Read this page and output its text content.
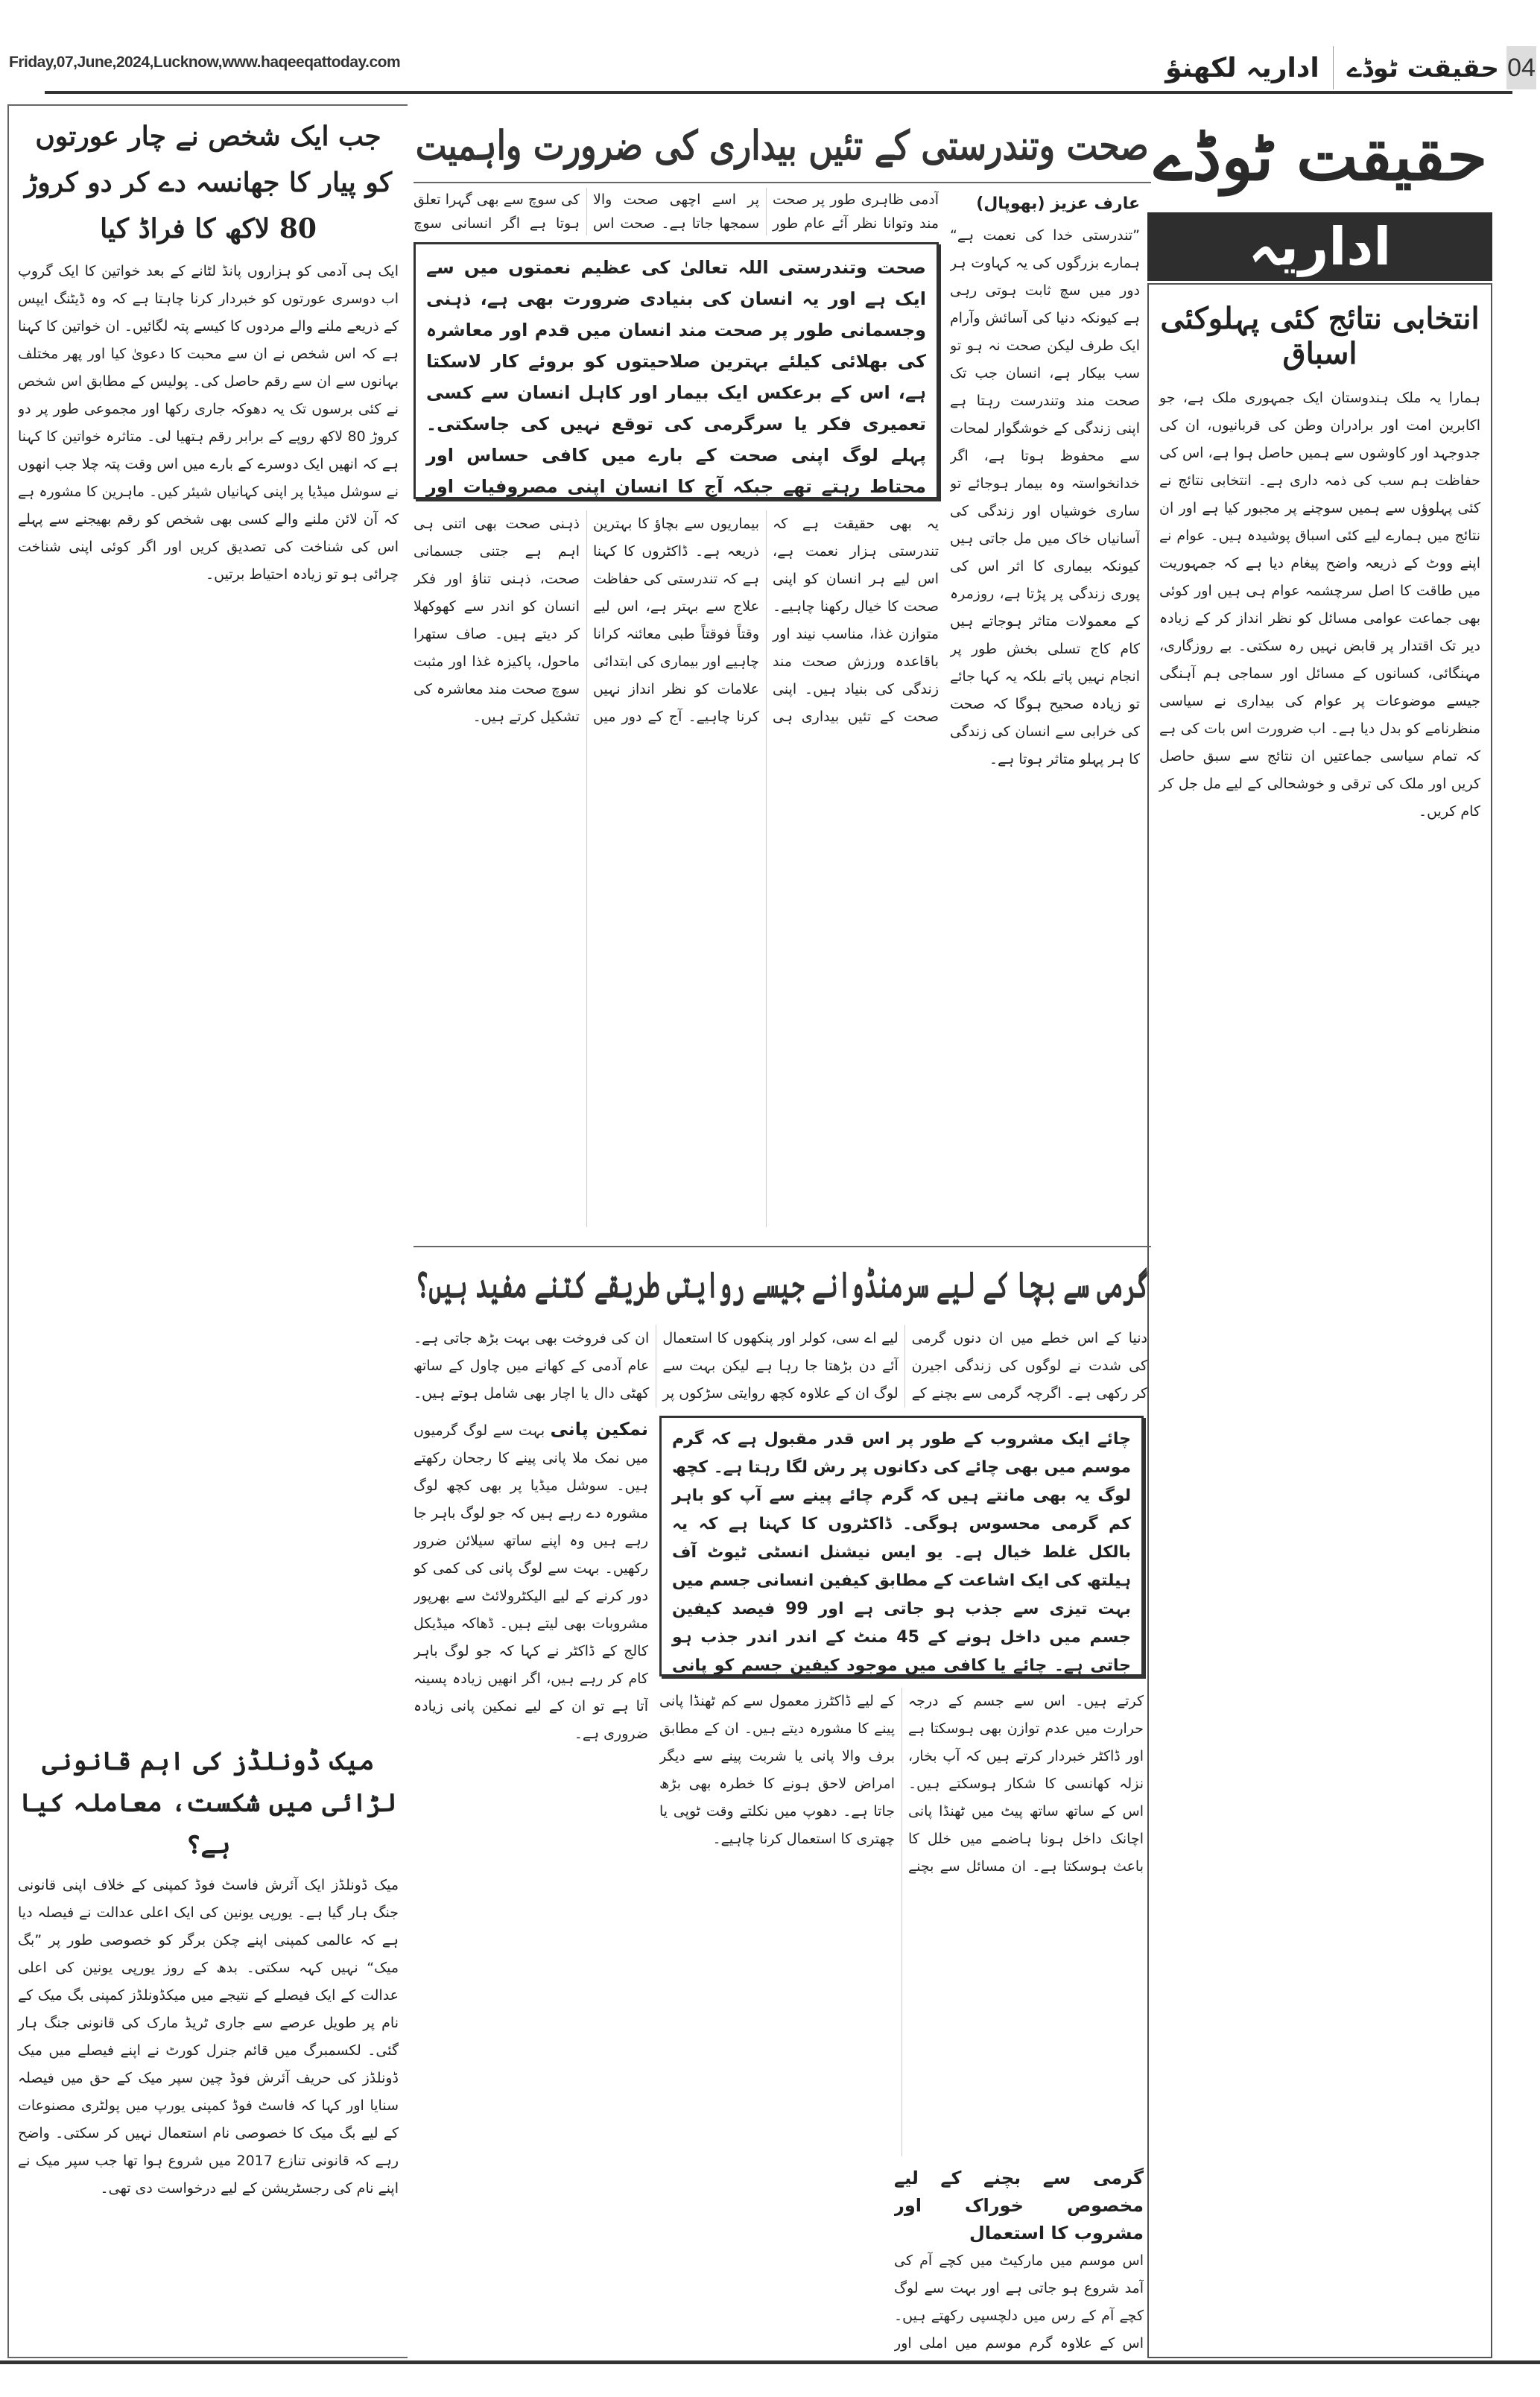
Friday,07,June,2024,Lucknow,www.haqeeqattoday.com	اداریہ لکھنؤ حقیقت ٹوڈے 04
حقیقت ٹوڈے
اداریہ
انتخابی نتائج کئی پہلوکئی اسباق
ہمارا یہ ملک ہندوستان ایک جمہوری ملک ہے، جو اکابرین امت اور برادران وطن کی قربانیوں، ان کی جدوجہد اور کاوشوں سے ہمیں حاصل ہوا ہے، اس کی حفاظت ہم سب کی ذمہ داری ہے۔ انتخابی نتائج نے کئی پہلوؤں سے ہمیں سوچنے پر مجبور کیا ہے اور ان نتائج میں ہمارے لیے کئی اسباق پوشیدہ ہیں۔ عوام نے اپنے ووٹ کے ذریعہ واضح پیغام دیا ہے کہ جمہوریت میں طاقت کا اصل سرچشمہ عوام ہی ہیں اور کوئی بھی جماعت عوامی مسائل کو نظر انداز کر کے زیادہ دیر تک اقتدار پر قابض نہیں رہ سکتی۔ بے روزگاری، مہنگائی، کسانوں کے مسائل اور سماجی ہم آہنگی جیسے موضوعات پر عوام کی بیداری نے سیاسی منظرنامے کو بدل دیا ہے۔ اب ضرورت اس بات کی ہے کہ تمام سیاسی جماعتیں ان نتائج سے سبق حاصل کریں اور ملک کی ترقی و خوشحالی کے لیے مل جل کر کام کریں۔
صحت وتندرستی کے تئیں بیداری کی ضرورت واہمیت
عارف عزیز (بھوپال)
”تندرستی خدا کی نعمت ہے“ ہمارے بزرگوں کی یہ کہاوت ہر دور میں سچ ثابت ہوتی رہی ہے کیونکہ دنیا کی آسائش وآرام ایک طرف لیکن صحت نہ ہو تو سب بیکار ہے، انسان جب تک صحت مند وتندرست رہتا ہے اپنی زندگی کے خوشگوار لمحات سے محفوظ ہوتا ہے، اگر خدانخواستہ وہ بیمار ہوجائے تو ساری خوشیاں اور زندگی کی آسانیاں خاک میں مل جاتی ہیں کیونکہ بیماری کا اثر اس کی پوری زندگی پر پڑتا ہے، روزمرہ کے معمولات متاثر ہوجاتے ہیں کام کاج تسلی بخش طور پر انجام نہیں پاتے بلکہ یہ کہا جائے تو زیادہ صحیح ہوگا کہ صحت کی خرابی سے انسان کی زندگی کا ہر پہلو متاثر ہوتا ہے۔
آدمی ظاہری طور پر صحت مند وتوانا نظر آئے عام طور پر اسے اچھی صحت والا سمجھا جاتا ہے۔ صحت اس کی سوچ سے بھی گہرا تعلق ہوتا ہے اگر انسانی سوچ
صحت وتندرستی اللہ تعالیٰ کی عظیم نعمتوں میں سے ایک ہے اور یہ انسان کی بنیادی ضرورت بھی ہے، ذہنی وجسمانی طور پر صحت مند انسان میں قدم اور معاشرہ کی بھلائی کیلئے بہترین صلاحیتوں کو بروئے کار لاسکتا ہے، اس کے برعکس ایک بیمار اور کاہل انسان سے کسی تعمیری فکر یا سرگرمی کی توقع نہیں کی جاسکتی۔ پہلے لوگ اپنی صحت کے بارے میں کافی حساس اور محتاط رہتے تھے جبکہ آج کا انسان اپنی مصروفیات اور
یہ بھی حقیقت ہے کہ تندرستی ہزار نعمت ہے، اس لیے ہر انسان کو اپنی صحت کا خیال رکھنا چاہیے۔ متوازن غذا، مناسب نیند اور باقاعدہ ورزش صحت مند زندگی کی بنیاد ہیں۔ اپنی صحت کے تئیں بیداری ہی بیماریوں سے بچاؤ کا بہترین ذریعہ ہے۔ ڈاکٹروں کا کہنا ہے کہ تندرستی کی حفاظت علاج سے بہتر ہے، اس لیے وقتاً فوقتاً طبی معائنہ کرانا چاہیے اور بیماری کی ابتدائی علامات کو نظر انداز نہیں کرنا چاہیے۔ آج کے دور میں ذہنی صحت بھی اتنی ہی اہم ہے جتنی جسمانی صحت، ذہنی تناؤ اور فکر انسان کو اندر سے کھوکھلا کر دیتے ہیں۔ صاف ستھرا ماحول، پاکیزہ غذا اور مثبت سوچ صحت مند معاشرہ کی تشکیل کرتے ہیں۔
گرمی سے بچا کے لیے سرمنڈوانے جیسے روایتی طریقے کتنے مفید ہیں؟
دنیا کے اس خطے میں ان دنوں گرمی کی شدت نے لوگوں کی زندگی اجیرن کر رکھی ہے۔ اگرچہ گرمی سے بچنے کے لیے اے سی، کولر اور پنکھوں کا استعمال آئے دن بڑھتا جا رہا ہے لیکن بہت سے لوگ ان کے علاوہ کچھ روایتی سڑکوں پر ان کی فروخت بھی بہت بڑھ جاتی ہے۔ عام آدمی کے کھانے میں چاول کے ساتھ کھٹی دال یا اچار بھی شامل ہوتے ہیں۔
نمکین پانی بہت سے لوگ گرمیوں میں نمک ملا پانی پینے کا رجحان رکھتے ہیں۔ سوشل میڈیا پر بھی کچھ لوگ مشورہ دے رہے ہیں کہ جو لوگ باہر جا رہے ہیں وہ اپنے ساتھ سیلائن ضرور رکھیں۔ بہت سے لوگ پانی کی کمی کو دور کرنے کے لیے الیکٹرولائٹ سے بھرپور مشروبات بھی لیتے ہیں۔ ڈھاکہ میڈیکل کالج کے ڈاکٹر نے کہا کہ جو لوگ باہر کام کر رہے ہیں، اگر انھیں زیادہ پسینہ آتا ہے تو ان کے لیے نمکین پانی زیادہ ضروری ہے۔
چائے ایک مشروب کے طور پر اس قدر مقبول ہے کہ گرم موسم میں بھی چائے کی دکانوں پر رش لگا رہتا ہے۔ کچھ لوگ یہ بھی مانتے ہیں کہ گرم چائے پینے سے آپ کو باہر کم گرمی محسوس ہوگی۔ ڈاکٹروں کا کہنا ہے کہ یہ بالکل غلط خیال ہے۔ یو ایس نیشنل انسٹی ٹیوٹ آف ہیلتھ کی ایک اشاعت کے مطابق کیفین انسانی جسم میں بہت تیزی سے جذب ہو جاتی ہے اور 99 فیصد کیفین جسم میں داخل ہونے کے 45 منٹ کے اندر اندر جذب ہو جاتی ہے۔ چائے یا کافی میں موجود کیفین جسم کو پانی
کرتے ہیں۔ اس سے جسم کے درجہ حرارت میں عدم توازن بھی ہوسکتا ہے اور ڈاکٹر خبردار کرتے ہیں کہ آپ بخار، نزلہ کھانسی کا شکار ہوسکتے ہیں۔ اس کے ساتھ ساتھ پیٹ میں ٹھنڈا پانی اچانک داخل ہونا ہاضمے میں خلل کا باعث ہوسکتا ہے۔ ان مسائل سے بچنے کے لیے ڈاکٹرز معمول سے کم ٹھنڈا پانی پینے کا مشورہ دیتے ہیں۔ ان کے مطابق برف والا پانی یا شربت پینے سے دیگر امراض لاحق ہونے کا خطرہ بھی بڑھ جاتا ہے۔ دھوپ میں نکلتے وقت ٹوپی یا چھتری کا استعمال کرنا چاہیے۔
گرمی سے بچنے کے لیے مخصوص خوراک اور مشروب کا استعمال
اس موسم میں مارکیٹ میں کچے آم کی آمد شروع ہو جاتی ہے اور بہت سے لوگ کچے آم کے رس میں دلچسپی رکھتے ہیں۔ اس کے علاوہ گرم موسم میں املی اور
جب ایک شخص نے چار عورتوں کو پیار کا جھانسہ دے کر دو کروڑ 80 لاکھ کا فراڈ کیا
ایک ہی آدمی کو ہزاروں پانڈ لٹانے کے بعد خواتین کا ایک گروپ اب دوسری عورتوں کو خبردار کرنا چاہتا ہے کہ وہ ڈیٹنگ ایپس کے ذریعے ملنے والے مردوں کا کیسے پتہ لگائیں۔ ان خواتین کا کہنا ہے کہ اس شخص نے ان سے محبت کا دعویٰ کیا اور پھر مختلف بہانوں سے ان سے رقم حاصل کی۔ پولیس کے مطابق اس شخص نے کئی برسوں تک یہ دھوکہ جاری رکھا اور مجموعی طور پر دو کروڑ 80 لاکھ روپے کے برابر رقم ہتھیا لی۔ متاثرہ خواتین کا کہنا ہے کہ انھیں ایک دوسرے کے بارے میں اس وقت پتہ چلا جب انھوں نے سوشل میڈیا پر اپنی کہانیاں شیئر کیں۔ ماہرین کا مشورہ ہے کہ آن لائن ملنے والے کسی بھی شخص کو رقم بھیجنے سے پہلے اس کی شناخت کی تصدیق کریں اور اگر کوئی اپنی شناخت چرائی ہو تو زیادہ احتیاط برتیں۔
میک ڈونلڈز کی اہم قانونی لڑائی میں شکست، معاملہ کیا ہے؟
میک ڈونلڈز ایک آئرش فاسٹ فوڈ کمپنی کے خلاف اپنی قانونی جنگ ہار گیا ہے۔ یورپی یونین کی ایک اعلی عدالت نے فیصلہ دیا ہے کہ عالمی کمپنی اپنے چکن برگر کو خصوصی طور پر ”بگ میک“ نہیں کہہ سکتی۔ بدھ کے روز یورپی یونین کی اعلی عدالت کے ایک فیصلے کے نتیجے میں میکڈونلڈز کمپنی بگ میک کے نام پر طویل عرصے سے جاری ٹریڈ مارک کی قانونی جنگ ہار گئی۔ لکسمبرگ میں قائم جنرل کورٹ نے اپنے فیصلے میں میک ڈونلڈز کی حریف آئرش فوڈ چین سپر میک کے حق میں فیصلہ سنایا اور کہا کہ فاسٹ فوڈ کمپنی یورپ میں پولٹری مصنوعات کے لیے بگ میک کا خصوصی نام استعمال نہیں کر سکتی۔ واضح رہے کہ قانونی تنازع 2017 میں شروع ہوا تھا جب سپر میک نے اپنے نام کی رجسٹریشن کے لیے درخواست دی تھی۔
